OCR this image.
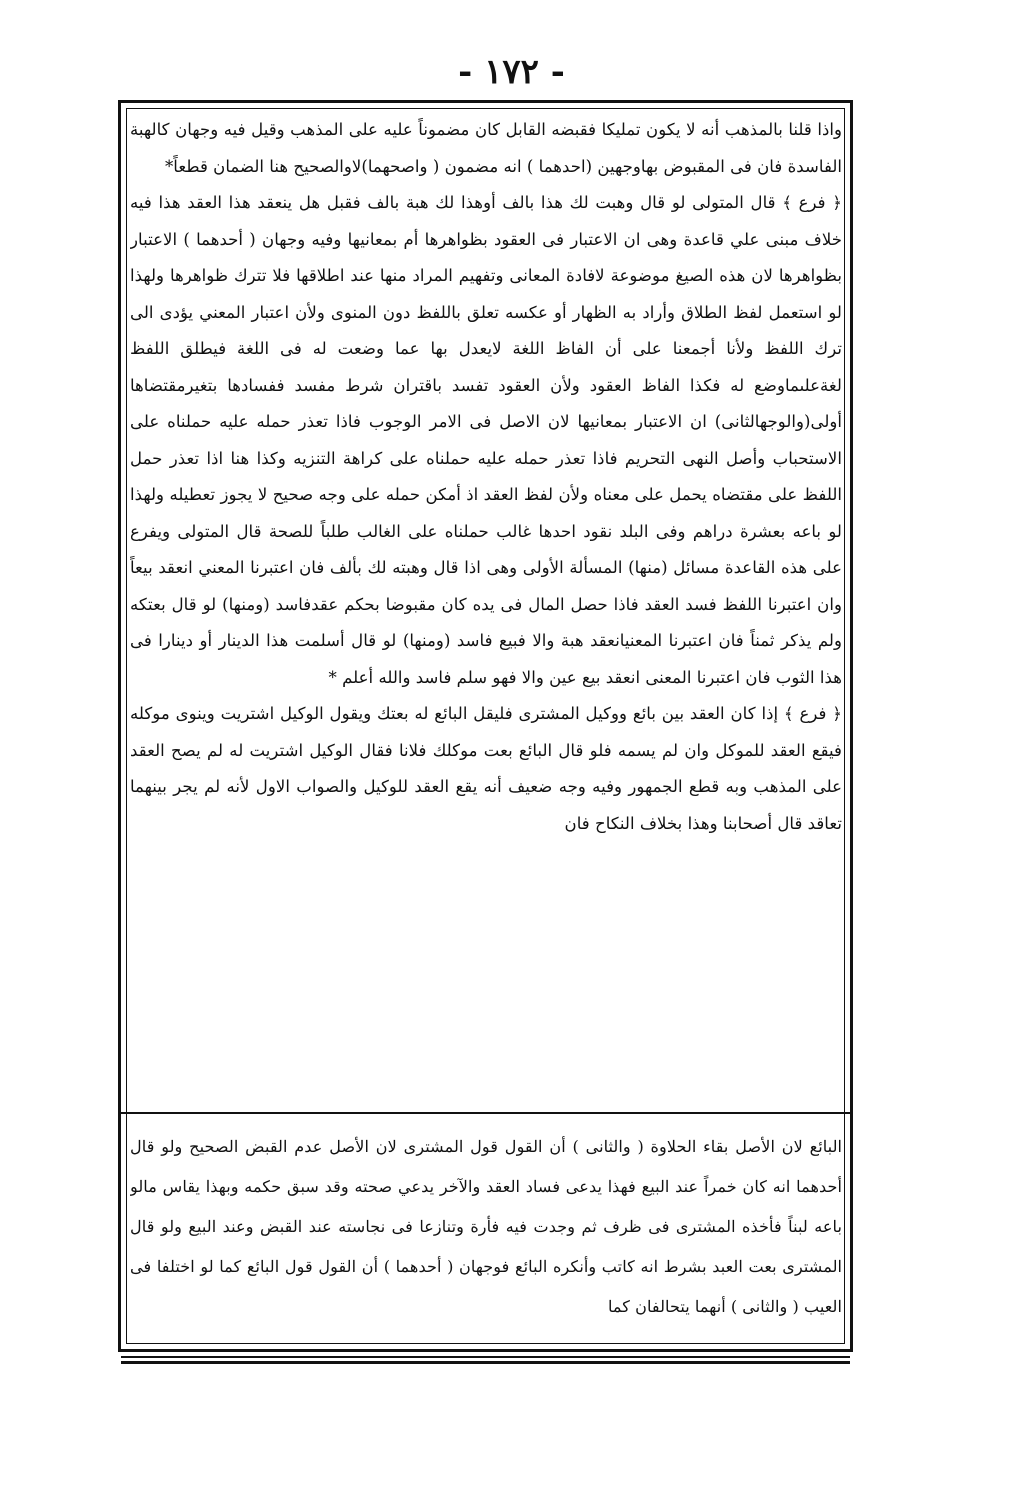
- ١٧٢ -

واذا قلنا بالمذهب أنه لا يكون تمليكا فقبضه القابل كان مضموناً عليه على المذهب وقيل فيه وجهان كالهبة الفاسدة فان فى المقبوض بهاوجهين (احدهما ) انه مضمون ( واصحهما)لاوالصحيح هنا الضمان قطعاً*

﴿ فرع ﴾ قال المتولى لو قال وهبت لك هذا بالف أوهذا لك هبة بالف فقبل هل ينعقد هذا العقد هذا فيه خلاف مبنى علي قاعدة وهى ان الاعتبار فى العقود بظواهرها أم بمعانيها وفيه وجهان ( أحدهما ) الاعتبار بظواهرها لان هذه الصيغ موضوعة لافادة المعانى وتفهيم المراد منها عند اطلاقها فلا تترك ظواهرها ولهذا لو استعمل لفظ الطلاق وأراد به الظهار أو عكسه تعلق باللفظ دون المنوى ولأن اعتبار المعني يؤدى الى ترك اللفظ ولأنا أجمعنا على أن الفاظ اللغة لايعدل بها عما وضعت له فى اللغة فيطلق اللفظ لغةعلىماوضع له فكذا الفاظ العقود ولأن العقود تفسد باقتران شرط مفسد ففسادها بتغيرمقتضاها أولى(والوجهالثانى) ان الاعتبار بمعانيها لان الاصل فى الامر الوجوب فاذا تعذر حمله عليه حملناه على الاستحباب وأصل النهى التحريم فاذا تعذر حمله عليه حملناه على كراهة التنزيه وكذا هنا اذا تعذر حمل اللفظ على مقتضاه يحمل على معناه ولأن لفظ العقد اذ أمكن حمله على وجه صحيح لا يجوز تعطيله ولهذا لو باعه بعشرة دراهم وفى البلد نقود احدها غالب حملناه على الغالب طلباً للصحة قال المتولى ويفرع على هذه القاعدة مسائل (منها) المسألة الأولى وهى اذا قال وهبته لك بألف فان اعتبرنا المعني انعقد بيعاً وان اعتبرنا اللفظ فسد العقد فاذا حصل المال فى يده كان مقبوضا بحكم عقدفاسد (ومنها) لو قال بعتكه ولم يذكر ثمناً فان اعتبرنا المعنيانعقد هبة والا فبيع فاسد (ومنها) لو قال أسلمت هذا الدينار أو دينارا فى هذا الثوب فان اعتبرنا المعنى انعقد بيع عين والا فهو سلم فاسد والله أعلم *

﴿ فرع ﴾ إذا كان العقد بين بائع ووكيل المشترى فليقل البائع له بعتك ويقول الوكيل اشتريت وينوى موكله فيقع العقد للموكل وان لم يسمه فلو قال البائع بعت موكلك فلانا فقال الوكيل اشتريت له لم يصح العقد على المذهب وبه قطع الجمهور وفيه وجه ضعيف أنه يقع العقد للوكيل والصواب الاول لأنه لم يجر بينهما تعاقد قال أصحابنا وهذا بخلاف النكاح فان

البائع لان الأصل بقاء الحلاوة ( والثانى ) أن القول قول المشترى لان الأصل عدم القبض الصحيح ولو قال أحدهما انه كان خمراً عند البيع فهذا يدعى فساد العقد والآخر يدعي صحته وقد سبق حكمه وبهذا يقاس مالو باعه لبناً فأخذه المشترى فى ظرف ثم وجدت فيه فأرة وتنازعا فى نجاسته عند القبض وعند البيع ولو قال المشترى بعت العبد بشرط انه كاتب وأنكره البائع فوجهان ( أحدهما ) أن القول قول البائع كما لو اختلفا فى العيب ( والثانى ) أنهما يتحالفان كما
